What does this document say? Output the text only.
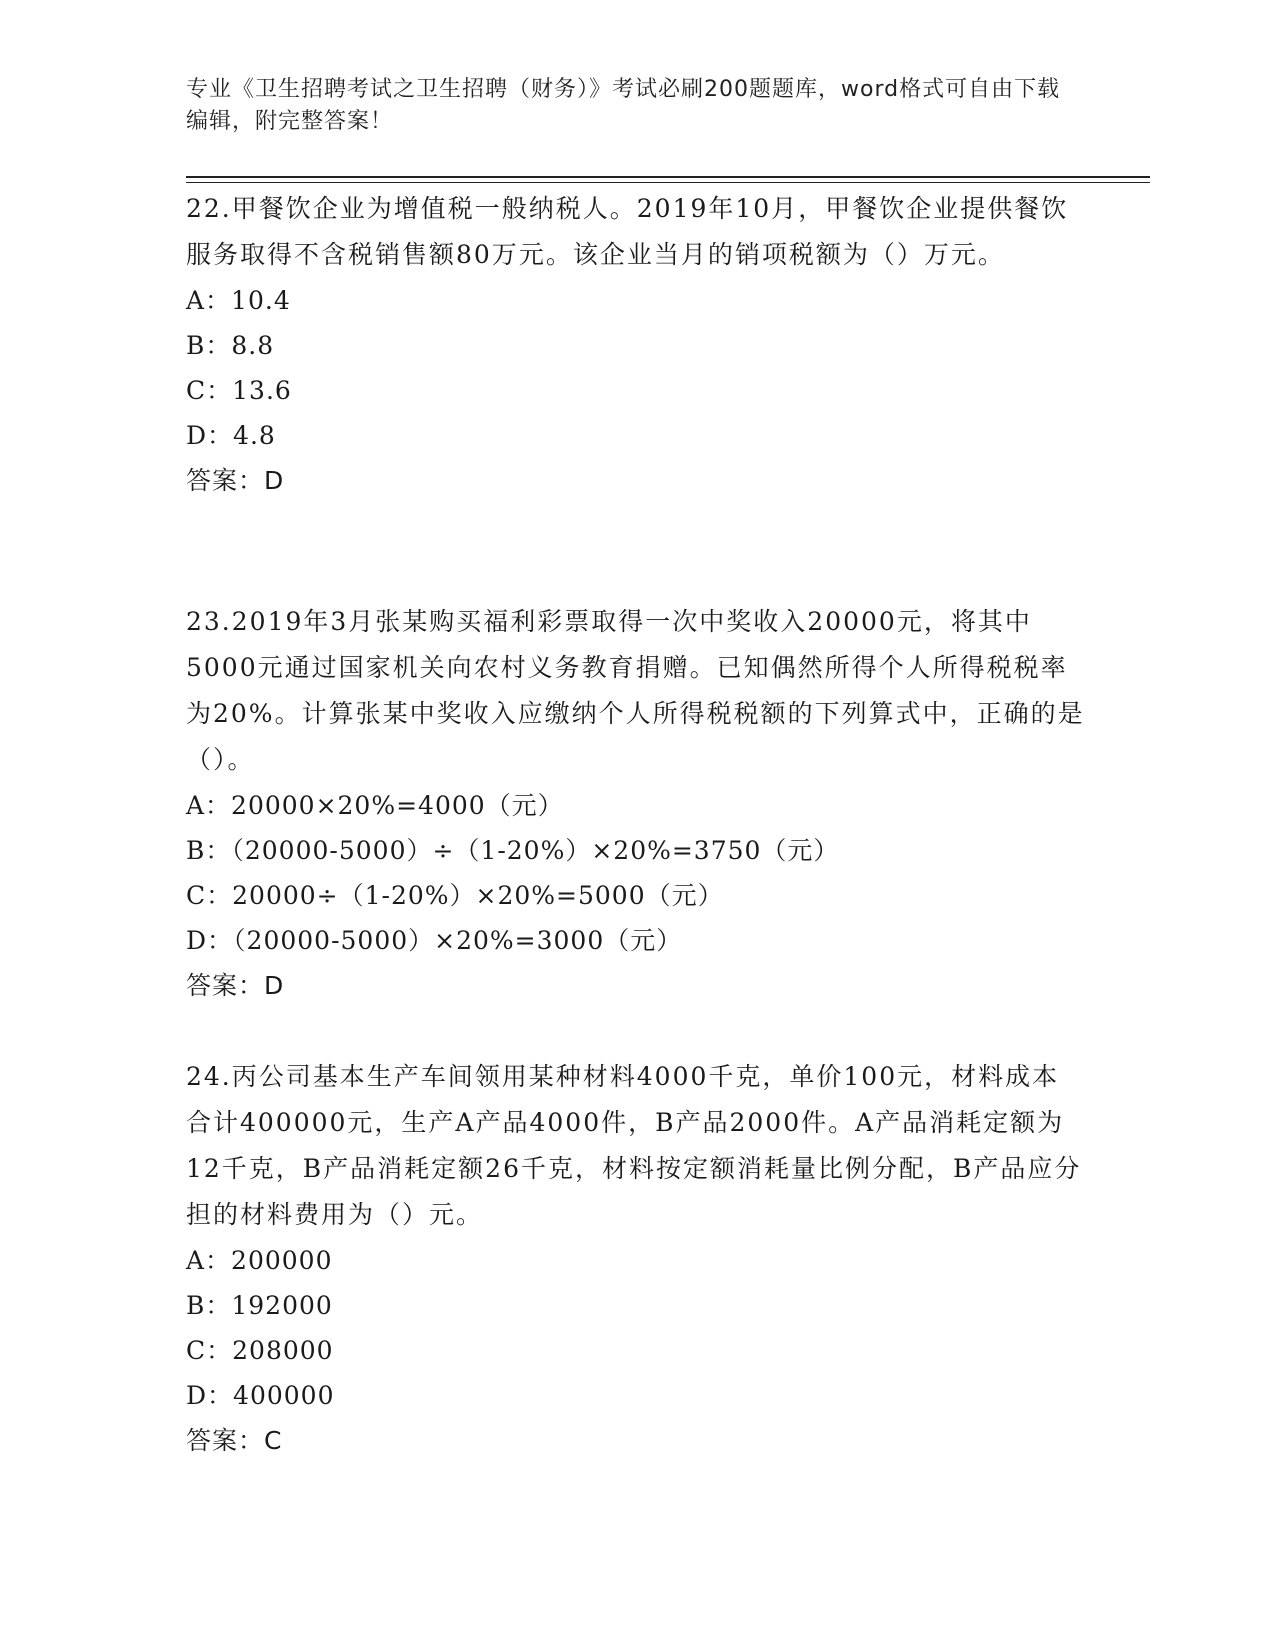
专业《卫生招聘考试之卫生招聘（财务）》考试必刷200题题库，word格式可自由下载编辑，附完整答案！

22.甲餐饮企业为增值税一般纳税人。2019年10月，甲餐饮企业提供餐饮服务取得不含税销售额80万元。该企业当月的销项税额为（）万元。

A：10.4

B：8.8

C：13.6

D：4.8

答案：D

23.2019年3月张某购买福利彩票取得一次中奖收入20000元，将其中5000元通过国家机关向农村义务教育捐赠。已知偶然所得个人所得税税率为20%。计算张某中奖收入应缴纳个人所得税税额的下列算式中，正确的是（）。

A：20000×20%=4000（元）

B：（20000-5000）÷（1-20%）×20%=3750（元）

C：20000÷（1-20%）×20%=5000（元）

D：（20000-5000）×20%=3000（元）

答案：D

24.丙公司基本生产车间领用某种材料4000千克，单价100元，材料成本合计400000元，生产A产品4000件，B产品2000件。A产品消耗定额为12千克，B产品消耗定额26千克，材料按定额消耗量比例分配，B产品应分担的材料费用为（）元。

A：200000

B：192000

C：208000

D：400000

答案：C
